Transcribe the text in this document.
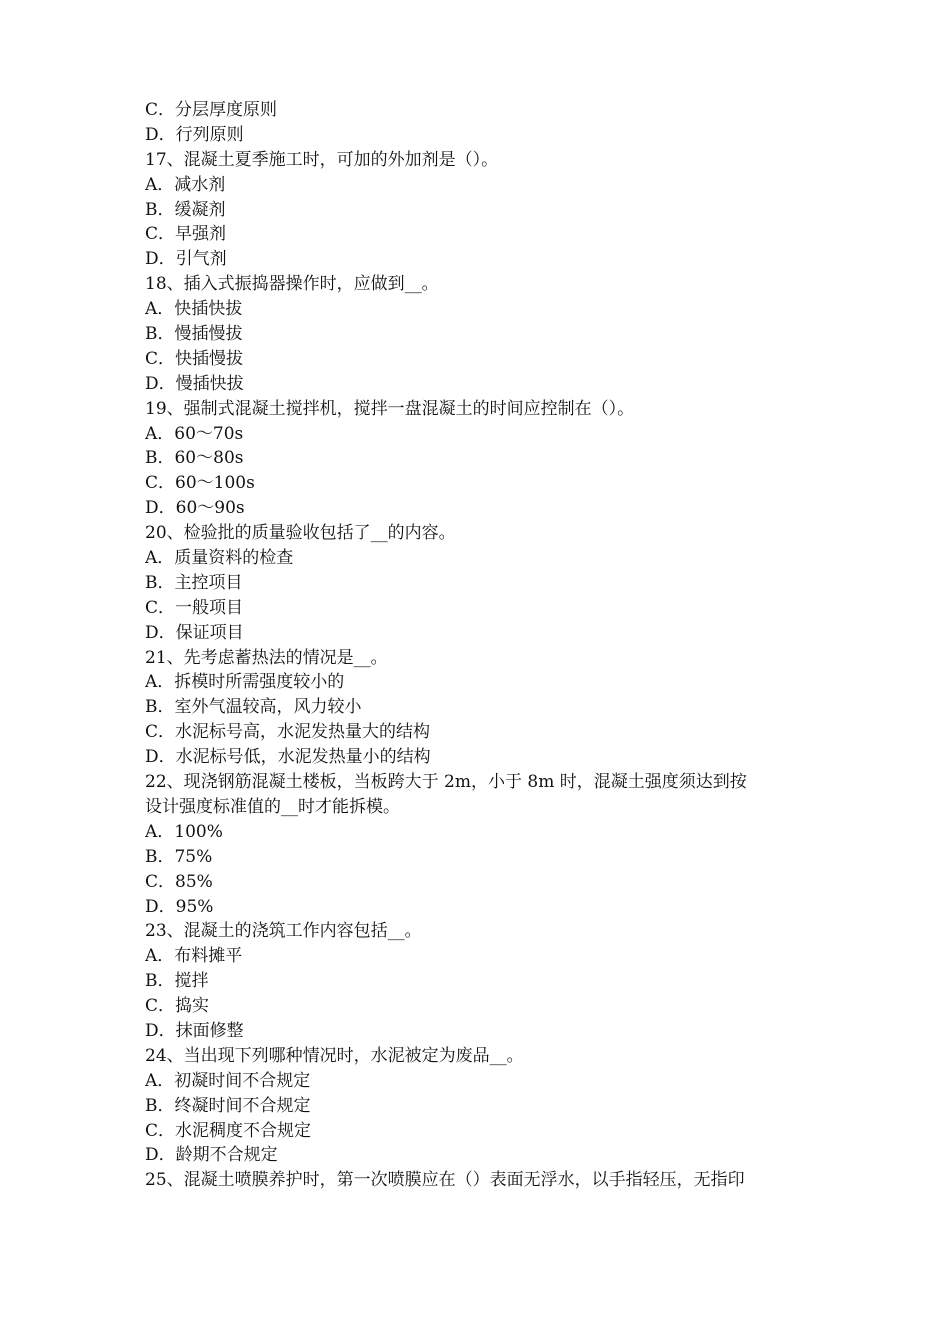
C．分层厚度原则
D．行列原则
17、混凝土夏季施工时，可加的外加剂是（）。
A．减水剂
B．缓凝剂
C．早强剂
D．引气剂
18、插入式振捣器操作时，应做到__。
A．快插快拔
B．慢插慢拔
C．快插慢拔
D．慢插快拔
19、强制式混凝土搅拌机，搅拌一盘混凝土的时间应控制在（）。
A．60～70s
B．60～80s
C．60～100s
D．60～90s
20、检验批的质量验收包括了__的内容。
A．质量资料的检查
B．主控项目
C．一般项目
D．保证项目
21、先考虑蓄热法的情况是__。
A．拆模时所需强度较小的
B．室外气温较高，风力较小
C．水泥标号高，水泥发热量大的结构
D．水泥标号低，水泥发热量小的结构
22、现浇钢筋混凝土楼板，当板跨大于 2m，小于 8m 时，混凝土强度须达到按
设计强度标准值的__时才能拆模。
A．100%
B．75%
C．85%
D．95%
23、混凝土的浇筑工作内容包括__。
A．布料摊平
B．搅拌
C．捣实
D．抹面修整
24、当出现下列哪种情况时，水泥被定为废品__。
A．初凝时间不合规定
B．终凝时间不合规定
C．水泥稠度不合规定
D．龄期不合规定
25、混凝土喷膜养护时，第一次喷膜应在（）表面无浮水，以手指轻压，无指印
